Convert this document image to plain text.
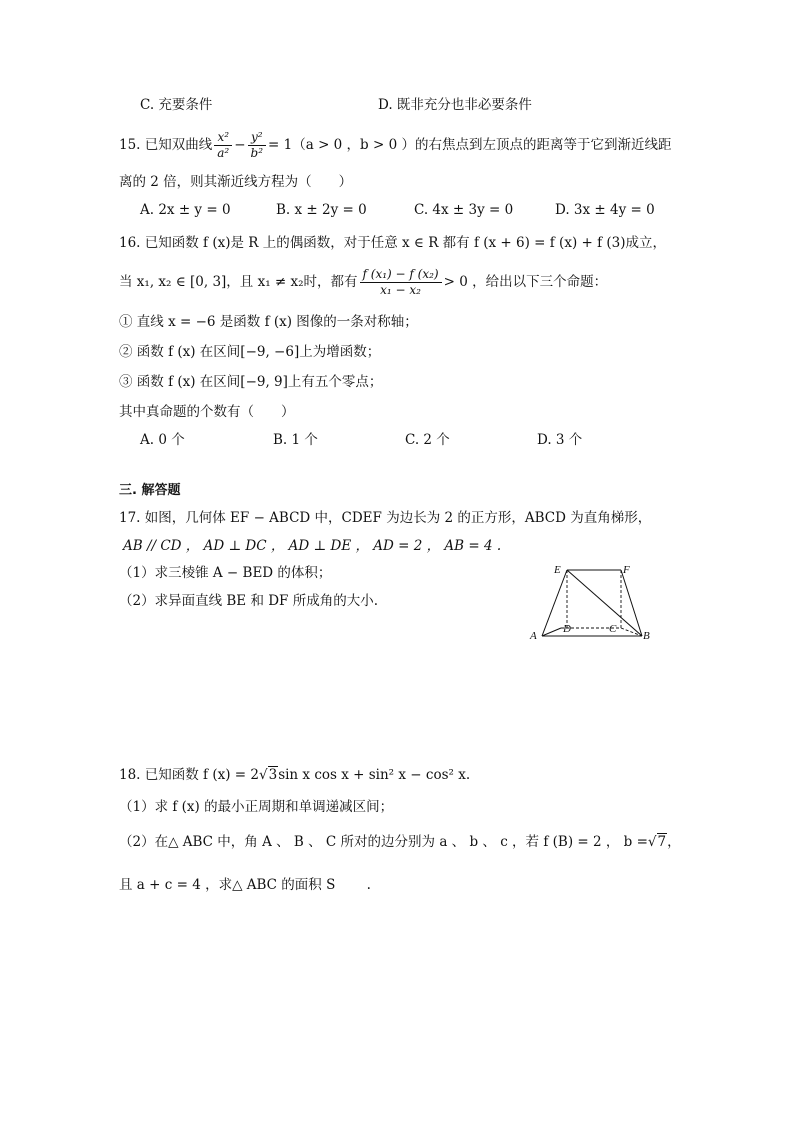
C. 充要条件	D. 既非充分也非必要条件
15. 已知双曲线 $\frac{\text{x²}}{\text{a²}} - \frac{\text{y²}}{\text{b²}} = 1(a > 0$ ，b > 0 ）的右焦点到左顶点的距离等于它到渐近线距
离的 2 倍，则其渐近线方程为（　　）
A. 2x ± y = 0	B. x ± 2y = 0	C. 4x ± 3y = 0	D. 3x ± 4y = 0
16. 已知函数 f (x)是 R 上的偶函数，对于任意 x ∈ R 都有 f (x + 6) = f (x) + f (3)成立，
当 x₁, x₂ ∈ [0, 3]，且 x₁ ≠ x₂时，都有 $\frac{\text{f (x₁) − f (x₂)}}{\text{x₁ − x₂}} > 0$ ，给出以下三个命题：
① 直线 x = −6 是函数 f (x) 图像的一条对称轴；
② 函数 f (x) 在区间[−9, −6]上为增函数；
③ 函数 f (x) 在区间[−9, 9]上有五个零点；
其中真命题的个数有（　　）
A. 0 个	B. 1 个	C. 2 个	D. 3 个
三. 解答题
17. 如图，几何体 EF − ABCD 中，CDEF 为边长为 2 的正方形，ABCD 为直角梯形，
AB // CD ， AD ⊥ DC ， AD ⊥ DE ， AD = 2 ， AB = 4 .
（1）求三棱锥 A − BED 的体积；
（2）求异面直线 BE 和 DF 所成角的大小.
E	F
A
D	C
B
18. 已知函数 f (x) = 2√3sin x cos x + sin² x − cos² x.
（1）求 f (x) 的最小正周期和单调递减区间；
（2）在△ ABC 中，角 A 、 B 、 C 所对的边分别为 a 、 b 、 c ，若 f (B) = 2 ， b =√7，
且 a + c = 4 ，求△ ABC 的面积 S　　 .
